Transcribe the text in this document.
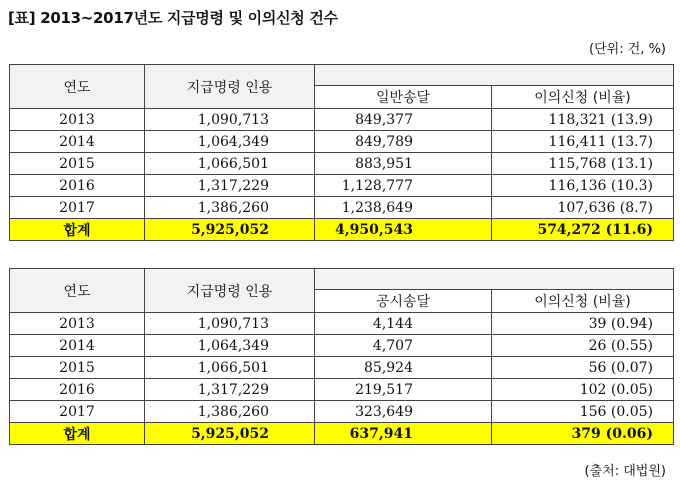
[표] 2013~2017년도 지급명령 및 이의신청 건수
(단위: 건, %)
연도	지급명령 인용		
		일반송달	이의신청 (비율)
2013	1,090,713	849,377	118,321 (13.9)
2014	1,064,349	849,789	116,411 (13.7)
2015	1,066,501	883,951	115,768 (13.1)
2016	1,317,229	1,128,777	116,136 (10.3)
2017	1,386,260	1,238,649	107,636 (8.7)
합계	5,925,052	4,950,543	574,272 (11.6)
연도	지급명령 인용		
		공시송달	이의신청 (비율)
2013	1,090,713	4,144	39 (0.94)
2014	1,064,349	4,707	26 (0.55)
2015	1,066,501	85,924	56 (0.07)
2016	1,317,229	219,517	102 (0.05)
2017	1,386,260	323,649	156 (0.05)
합계	5,925,052	637,941	379 (0.06)
(출처: 대법원)
